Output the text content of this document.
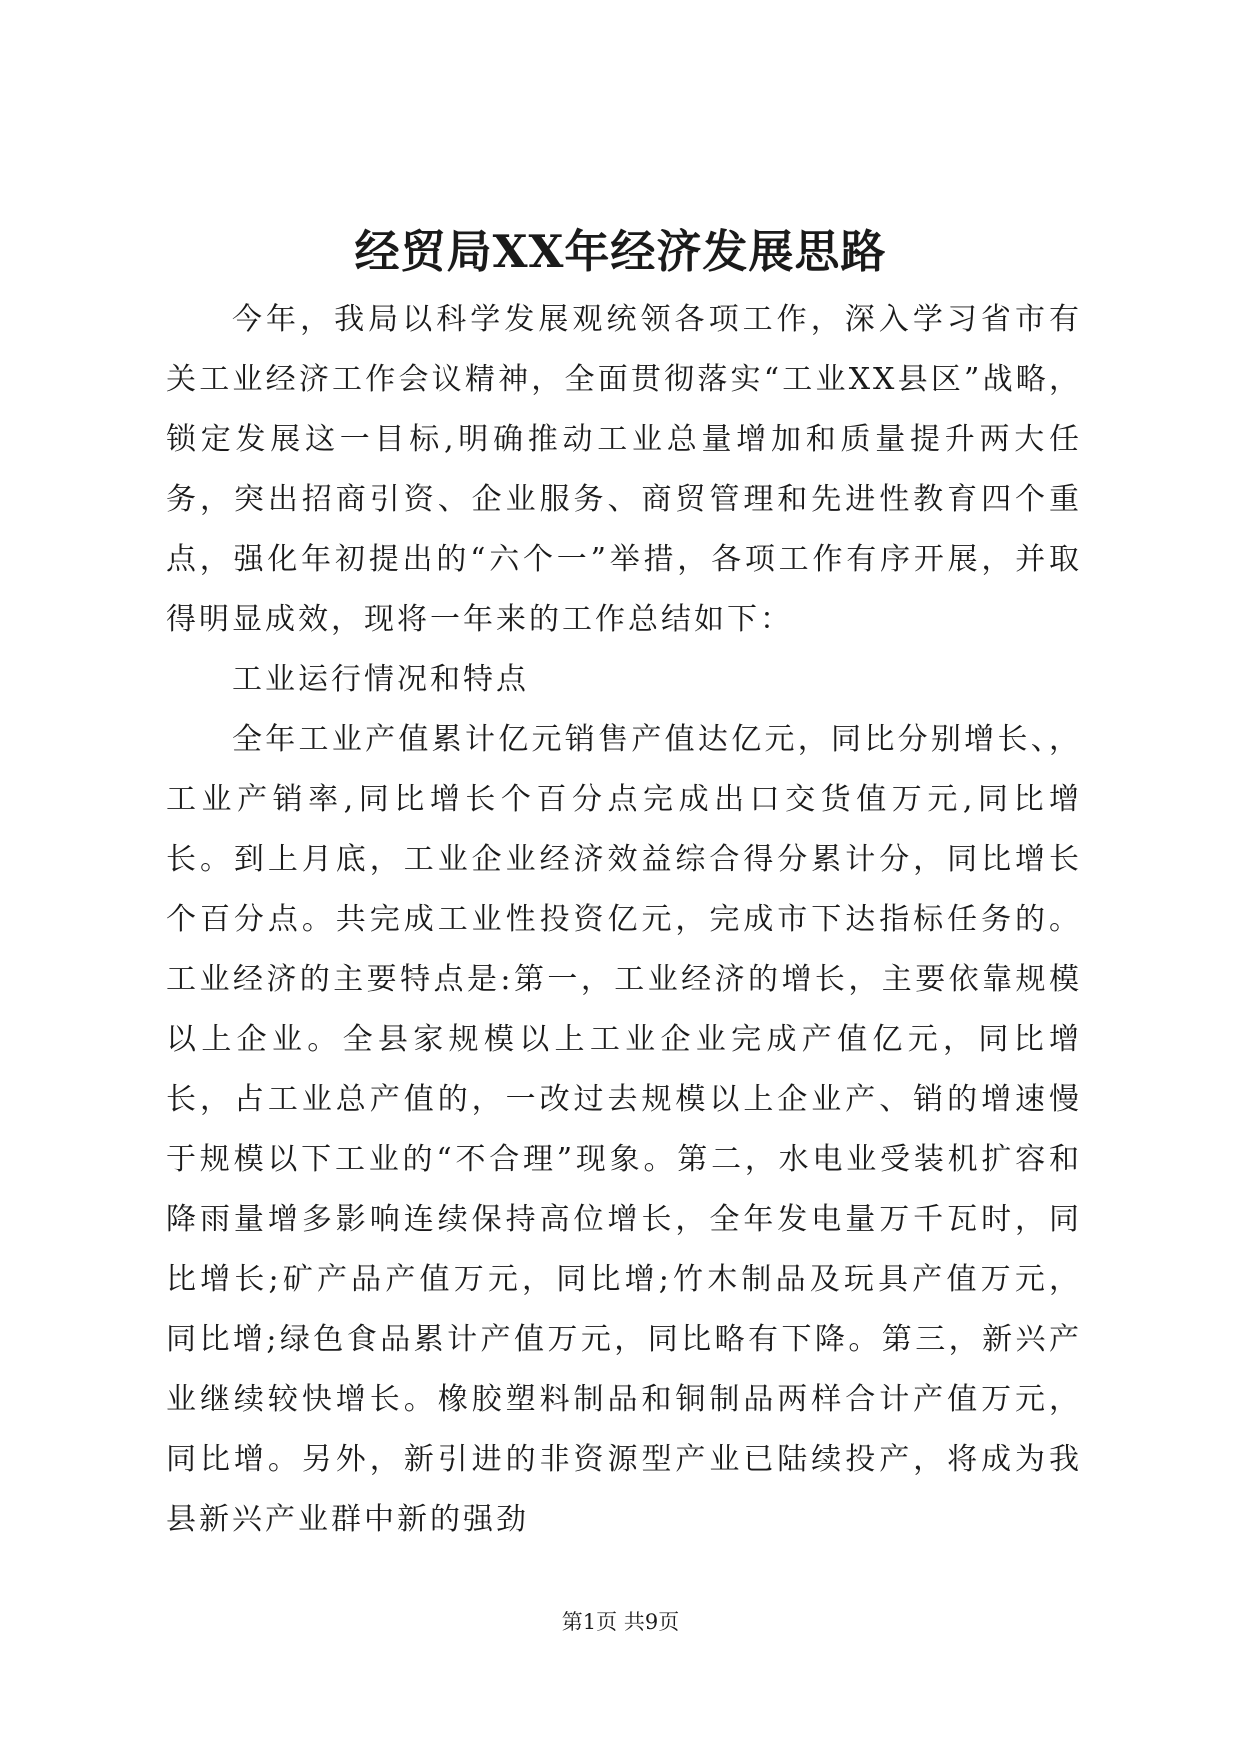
经贸局XX年经济发展思路

今年，我局以科学发展观统领各项工作，深入学习省市有关工业经济工作会议精神，全面贯彻落实“工业XX县区”战略，锁定发展这一目标,明确推动工业总量增加和质量提升两大任务，突出招商引资、企业服务、商贸管理和先进性教育四个重点，强化年初提出的“六个一”举措，各项工作有序开展，并取得明显成效，现将一年来的工作总结如下：

工业运行情况和特点

全年工业产值累计亿元销售产值达亿元，同比分别增长、，工业产销率,同比增长个百分点完成出口交货值万元,同比增长。到上月底，工业企业经济效益综合得分累计分，同比增长个百分点。共完成工业性投资亿元，完成市下达指标任务的。工业经济的主要特点是:第一，工业经济的增长，主要依靠规模以上企业。全县家规模以上工业企业完成产值亿元，同比增长，占工业总产值的，一改过去规模以上企业产、销的增速慢于规模以下工业的“不合理”现象。第二，水电业受装机扩容和降雨量增多影响连续保持高位增长，全年发电量万千瓦时，同比增长;矿产品产值万元，同比增;竹木制品及玩具产值万元，同比增;绿色食品累计产值万元，同比略有下降。第三，新兴产业继续较快增长。橡胶塑料制品和铜制品两样合计产值万元，同比增。另外，新引进的非资源型产业已陆续投产，将成为我县新兴产业群中新的强劲

第1页 共9页
